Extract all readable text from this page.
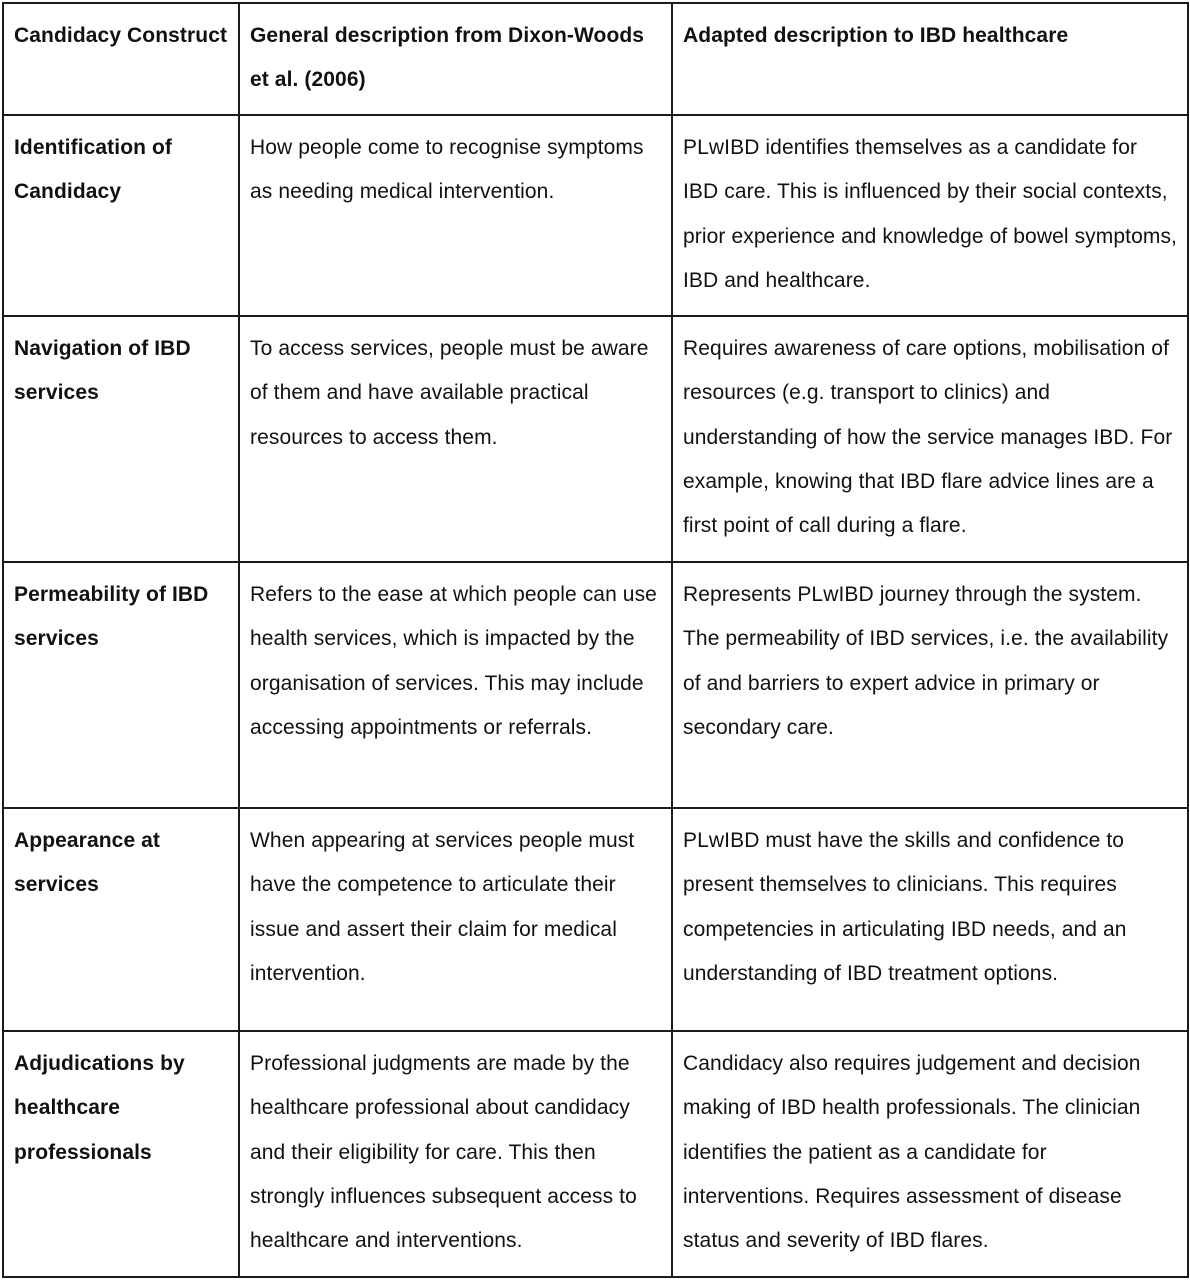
Candidacy Construct	General description from Dixon-Woods et al. (2006)	Adapted description to IBD healthcare
Identification of Candidacy	How people come to recognise symptoms as needing medical intervention.	PLwIBD identifies themselves as a candidate for IBD care. This is influenced by their social contexts, prior experience and knowledge of bowel symptoms, IBD and healthcare.
Navigation of IBD services	To access services, people must be aware of them and have available practical resources to access them.	Requires awareness of care options, mobilisation of resources (e.g. transport to clinics) and understanding of how the service manages IBD. For example, knowing that IBD flare advice lines are a first point of call during a flare.
Permeability of IBD services	Refers to the ease at which people can use health services, which is impacted by the organisation of services. This may include accessing appointments or referrals.	Represents PLwIBD journey through the system. The permeability of IBD services, i.e. the availability of and barriers to expert advice in primary or secondary care.
Appearance at services	When appearing at services people must have the competence to articulate their issue and assert their claim for medical intervention.	PLwIBD must have the skills and confidence to present themselves to clinicians. This requires competencies in articulating IBD needs, and an understanding of IBD treatment options.
Adjudications by healthcare professionals	Professional judgments are made by the healthcare professional about candidacy and their eligibility for care. This then strongly influences subsequent access to healthcare and interventions.	Candidacy also requires judgement and decision making of IBD health professionals. The clinician identifies the patient as a candidate for interventions. Requires assessment of disease status and severity of IBD flares.
